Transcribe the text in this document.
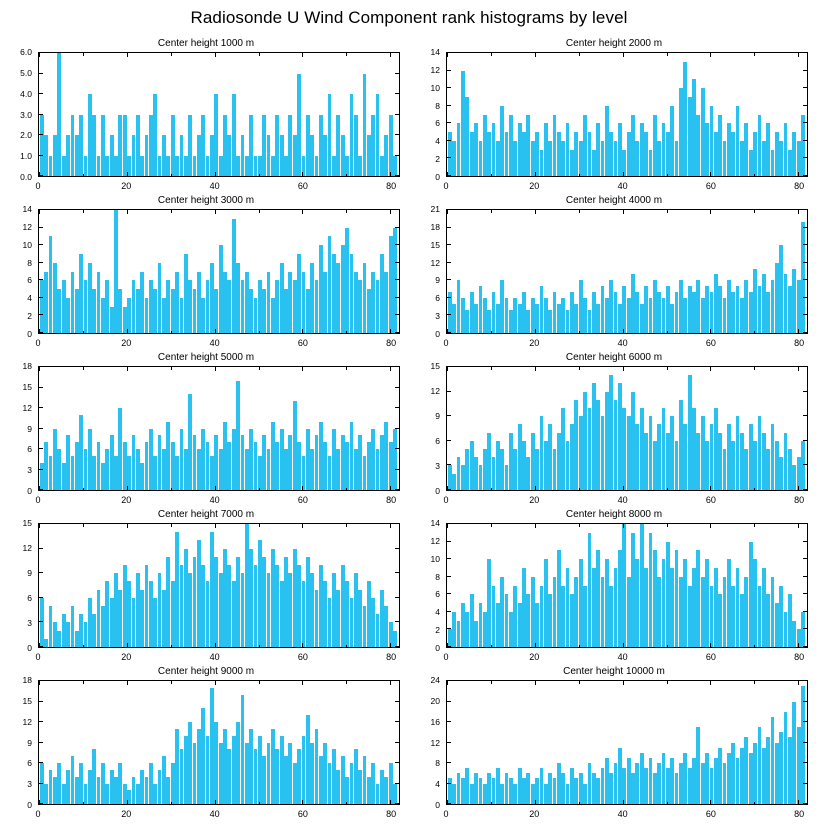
Radiosonde U Wind Component rank histograms by level
Center height 1000 m
0.0
1.0
2.0
3.0
4.0
5.0
6.0
0	20	40	60	80
Center height 2000 m
0
2
4
6
8
10
12
14
0	20	40	60	80
Center height 3000 m
0
2
4
6
8
10
12
14
0	20	40	60	80
Center height 4000 m
0
3
6
9
12
15
18
21
0	20	40	60	80
Center height 5000 m
0
3
6
9
12
15
18
0	20	40	60	80
Center height 6000 m
0
3
6
9
12
15
0	20	40	60	80
Center height 7000 m
0
3
6
9
12
15
0	20	40	60	80
Center height 8000 m
0
2
4
6
8
10
12
14
0	20	40	60	80
Center height 9000 m
0
3
6
9
12
15
18
0	20	40	60	80
Center height 10000 m
0
4
8
12
16
20
24
0	20	40	60	80
